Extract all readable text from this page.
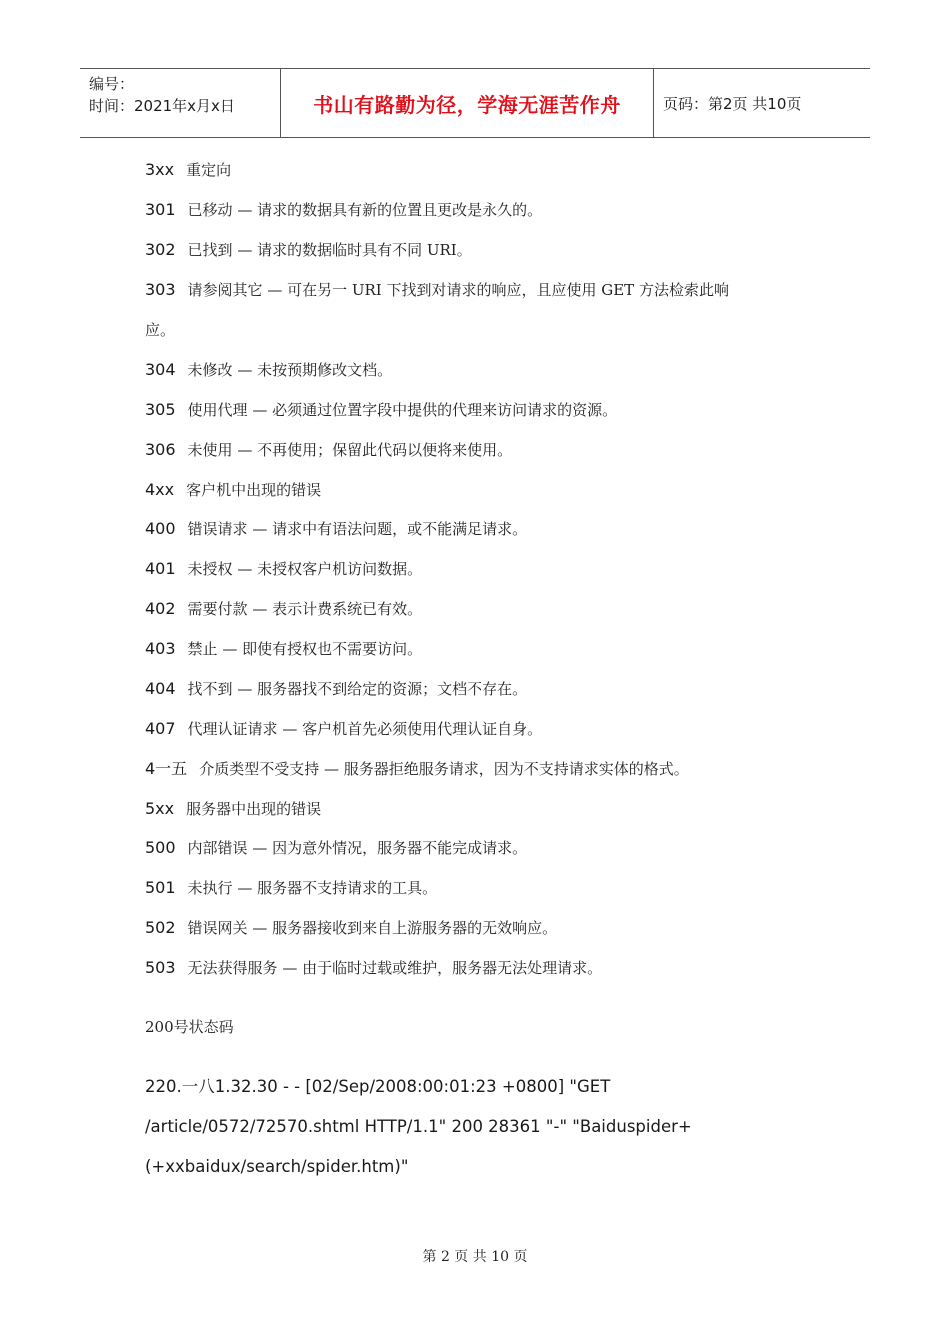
编号：
时间：2021年x月x日	书山有路勤为径，学海无涯苦作舟	页码：第2页 共10页
3xx 重定向
301 已移动 — 请求的数据具有新的位置且更改是永久的。
302 已找到 — 请求的数据临时具有不同 URI。
303 请参阅其它 — 可在另一 URI 下找到对请求的响应，且应使用 GET 方法检索此响
应。
304 未修改 — 未按预期修改文档。
305 使用代理 — 必须通过位置字段中提供的代理来访问请求的资源。
306 未使用 — 不再使用；保留此代码以便将来使用。
4xx 客户机中出现的错误
400 错误请求 — 请求中有语法问题，或不能满足请求。
401 未授权 — 未授权客户机访问数据。
402 需要付款 — 表示计费系统已有效。
403 禁止 — 即使有授权也不需要访问。
404 找不到 — 服务器找不到给定的资源；文档不存在。
407 代理认证请求 — 客户机首先必须使用代理认证自身。
4一五介质类型不受支持 — 服务器拒绝服务请求，因为不支持请求实体的格式。
5xx 服务器中出现的错误
500 内部错误 — 因为意外情况，服务器不能完成请求。
501 未执行 — 服务器不支持请求的工具。
502 错误网关 — 服务器接收到来自上游服务器的无效响应。
503 无法获得服务 — 由于临时过载或维护，服务器无法处理请求。
200号状态码
220.一八1.32.30 - - [02/Sep/2008:00:01:23 +0800] "GET
/article/0572/72570.shtml HTTP/1.1" 200 28361 "-" "Baiduspider+
(+xxbaidux/search/spider.htm)"
第 2 页 共 10 页
